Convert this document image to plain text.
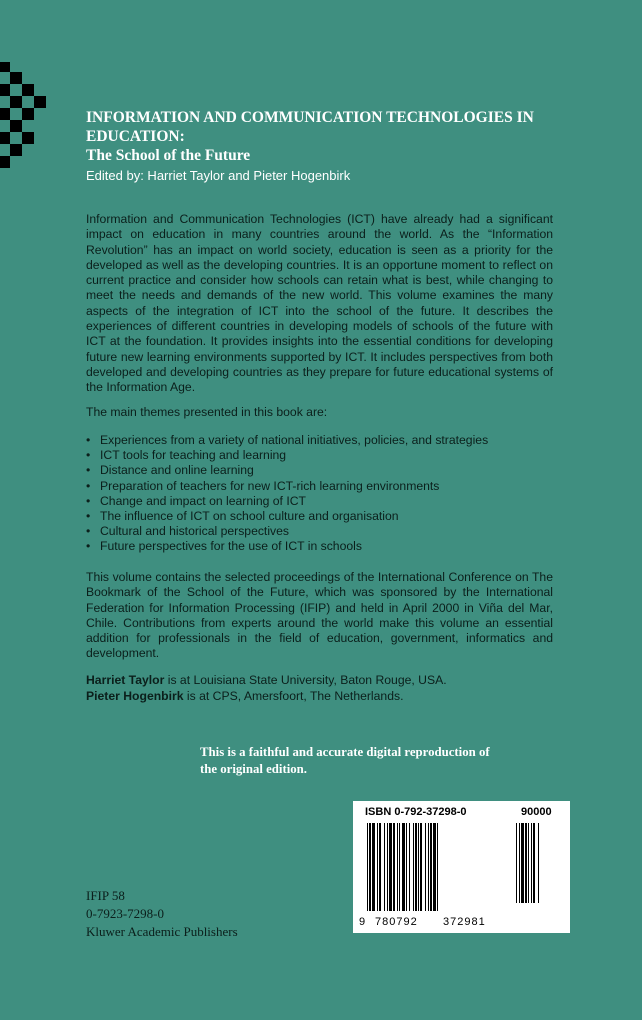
INFORMATION AND COMMUNICATION TECHNOLOGIES IN EDUCATION:

The School of the Future

Edited by: Harriet Taylor and Pieter Hogenbirk

Information and Communication Technologies (ICT) have already had a significant impact on education in many countries around the world. As the “Information Revolution” has an impact on world society, education is seen as a priority for the developed as well as the developing countries. It is an opportune moment to reflect on current practice and consider how schools can retain what is best, while changing to meet the needs and demands of the new world. This volume examines the many aspects of the integration of ICT into the school of the future. It describes the experiences of different countries in developing models of schools of the future with ICT at the foundation. It provides insights into the essential conditions for developing future new learning environments supported by ICT. It includes perspectives from both developed and developing countries as they prepare for future educational systems of the Information Age.

The main themes presented in this book are:

• Experiences from a variety of national initiatives, policies, and strategies
• ICT tools for teaching and learning
• Distance and online learning
• Preparation of teachers for new ICT-rich learning environments
• Change and impact on learning of ICT
• The influence of ICT on school culture and organisation
• Cultural and historical perspectives
• Future perspectives for the use of ICT in schools

This volume contains the selected proceedings of the International Conference on The Bookmark of the School of the Future, which was sponsored by the International Federation for Information Processing (IFIP) and held in April 2000 in Viña del Mar, Chile. Contributions from experts around the world make this volume an essential addition for professionals in the field of education, government, informatics and development.

Harriet Taylor is at Louisiana State University, Baton Rouge, USA.
Pieter Hogenbirk is at CPS, Amersfoort, The Netherlands.
This is a faithful and accurate digital reproduction of the original edition.
ISBN 0-792-37298-0	90000
9 780792 372981
IFIP 58
0-7923-7298-0
Kluwer Academic Publishers
